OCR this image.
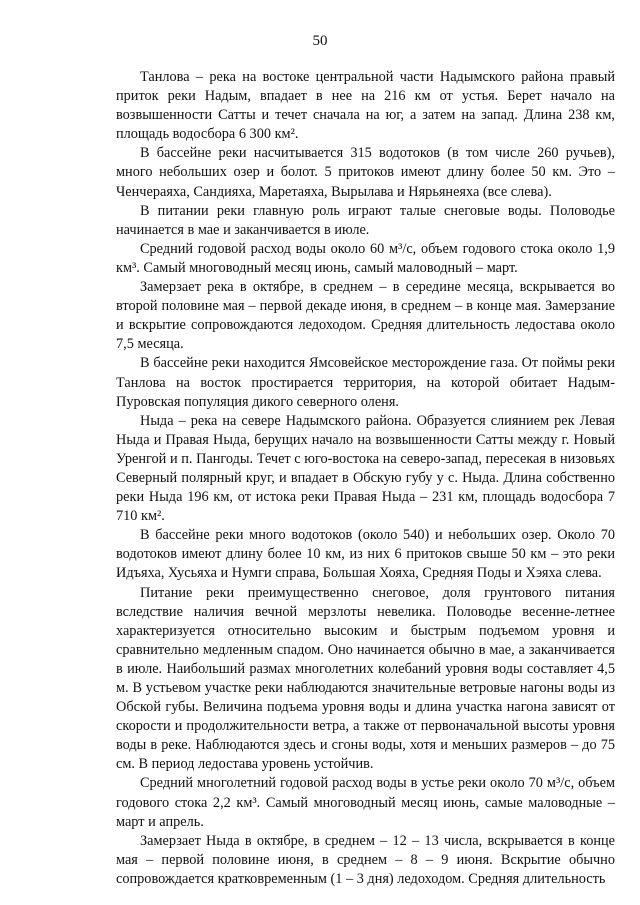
50

Танлова – река на востоке центральной части Надымского района правый приток реки Надым, впадает в нее на 216 км от устья. Берет начало на возвышенности Сатты и течет сначала на юг, а затем на запад. Длина 238 км, площадь водосбора 6 300 км².

В бассейне реки насчитывается 315 водотоков (в том числе 260 ручьев), много небольших озер и болот. 5 притоков имеют длину более 50 км. Это – Ченчераяха, Сандияха, Маретаяха, Вырылава и Нярьянеяха (все слева).

В питании реки главную роль играют талые снеговые воды. Половодье начинается в мае и заканчивается в июле.

Средний годовой расход воды около 60 м³/с, объем годового стока около 1,9 км³. Самый многоводный месяц июнь, самый маловодный – март.

Замерзает река в октябре, в среднем – в середине месяца, вскрывается во второй половине мая – первой декаде июня, в среднем – в конце мая. Замерзание и вскрытие сопровождаются ледоходом. Средняя длительность ледостава около 7,5 месяца.

В бассейне реки находится Ямсовейское месторождение газа. От поймы реки Танлова на восток простирается территория, на которой обитает Надым-Пуровская популяция дикого северного оленя.

Ныда – река на севере Надымского района. Образуется слиянием рек Левая Ныда и Правая Ныда, берущих начало на возвышенности Сатты между г. Новый Уренгой и п. Пангоды. Течет с юго-востока на северо-запад, пересекая в низовьях Северный полярный круг, и впадает в Обскую губу у с. Ныда. Длина собственно реки Ныда 196 км, от истока реки Правая Ныда – 231 км, площадь водосбора 7 710 км².

В бассейне реки много водотоков (около 540) и небольших озер. Около 70 водотоков имеют длину более 10 км, из них 6 притоков свыше 50 км – это реки Идъяха, Хусьяха и Нумги справа, Большая Хояха, Средняя Поды и Хэяха слева.

Питание реки преимущественно снеговое, доля грунтового питания вследствие наличия вечной мерзлоты невелика. Половодье весенне-летнее характеризуется относительно высоким и быстрым подъемом уровня и сравнительно медленным спадом. Оно начинается обычно в мае, а заканчивается в июле. Наибольший размах многолетних колебаний уровня воды составляет 4,5 м. В устьевом участке реки наблюдаются значительные ветровые нагоны воды из Обской губы. Величина подъема уровня воды и длина участка нагона зависят от скорости и продолжительности ветра, а также от первоначальной высоты уровня воды в реке. Наблюдаются здесь и сгоны воды, хотя и меньших размеров – до 75 см. В период ледостава уровень устойчив.

Средний многолетний годовой расход воды в устье реки около 70 м³/с, объем годового стока 2,2 км³. Самый многоводный месяц июнь, самые маловодные – март и апрель.

Замерзает Ныда в октябре, в среднем – 12 – 13 числа, вскрывается в конце мая – первой половине июня, в среднем – 8 – 9 июня. Вскрытие обычно сопровождается кратковременным (1 – 3 дня) ледоходом. Средняя длительность
